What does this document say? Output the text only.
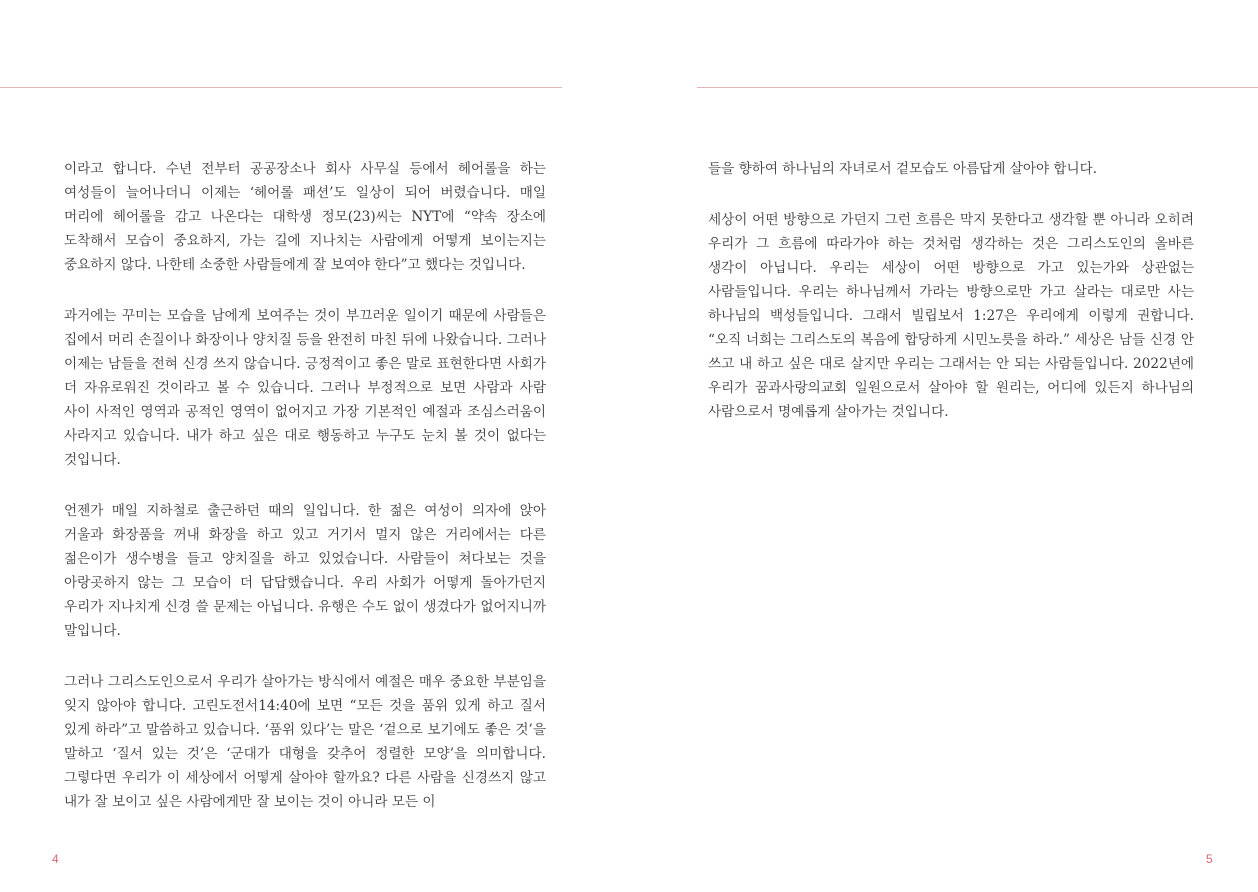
이라고 합니다. 수년 전부터 공공장소나 회사 사무실 등에서 헤어롤을 하는 여성들이 늘어나더니 이제는 ‘헤어롤 패션’도 일상이 되어 버렸습니다. 매일 머리에 헤어롤을 감고 나온다는 대학생 정모(23)씨는 NYT에 “약속 장소에 도착해서 모습이 중요하지, 가는 길에 지나치는 사람에게 어떻게 보이는지는 중요하지 않다. 나한테 소중한 사람들에게 잘 보여야 한다”고 했다는 것입니다.

과거에는 꾸미는 모습을 남에게 보여주는 것이 부끄러운 일이기 때문에 사람들은 집에서 머리 손질이나 화장이나 양치질 등을 완전히 마친 뒤에 나왔습니다. 그러나 이제는 남들을 전혀 신경 쓰지 않습니다. 긍정적이고 좋은 말로 표현한다면 사회가 더 자유로워진 것이라고 볼 수 있습니다. 그러나 부정적으로 보면 사람과 사람 사이 사적인 영역과 공적인 영역이 없어지고 가장 기본적인 예절과 조심스러움이 사라지고 있습니다. 내가 하고 싶은 대로 행동하고 누구도 눈치 볼 것이 없다는 것입니다.

언젠가 매일 지하철로 출근하던 때의 일입니다. 한 젊은 여성이 의자에 앉아 거울과 화장품을 꺼내 화장을 하고 있고 거기서 멀지 않은 거리에서는 다른 젊은이가 생수병을 들고 양치질을 하고 있었습니다. 사람들이 쳐다보는 것을 아랑곳하지 않는 그 모습이 더 답답했습니다. 우리 사회가 어떻게 돌아가던지 우리가 지나치게 신경 쓸 문제는 아닙니다. 유행은 수도 없이 생겼다가 없어지니까 말입니다.

그러나 그리스도인으로서 우리가 살아가는 방식에서 예절은 매우 중요한 부분임을 잊지 않아야 합니다. 고린도전서14:40에 보면 “모든 것을 품위 있게 하고 질서 있게 하라”고 말씀하고 있습니다. ‘품위 있다’는 말은 ‘겉으로 보기에도 좋은 것’을 말하고 ‘질서 있는 것’은 ‘군대가 대형을 갖추어 정렬한 모양’을 의미합니다. 그렇다면 우리가 이 세상에서 어떻게 살아야 할까요? 다른 사람을 신경쓰지 않고 내가 잘 보이고 싶은 사람에게만 잘 보이는 것이 아니라 모든 이

4

들을 향하여 하나님의 자녀로서 겉모습도 아름답게 살아야 합니다.

세상이 어떤 방향으로 가던지 그런 흐름은 막지 못한다고 생각할 뿐 아니라 오히려 우리가 그 흐름에 따라가야 하는 것처럼 생각하는 것은 그리스도인의 올바른 생각이 아닙니다. 우리는 세상이 어떤 방향으로 가고 있는가와 상관없는 사람들입니다. 우리는 하나님께서 가라는 방향으로만 가고 살라는 대로만 사는 하나님의 백성들입니다. 그래서 빌립보서 1:27은 우리에게 이렇게 권합니다. “오직 너희는 그리스도의 복음에 합당하게 시민노릇을 하라.” 세상은 남들 신경 안 쓰고 내 하고 싶은 대로 살지만 우리는 그래서는 안 되는 사람들입니다. 2022년에 우리가 꿈과사랑의교회 일원으로서 살아야 할 원리는, 어디에 있든지 하나님의 사람으로서 명예롭게 살아가는 것입니다.

5
